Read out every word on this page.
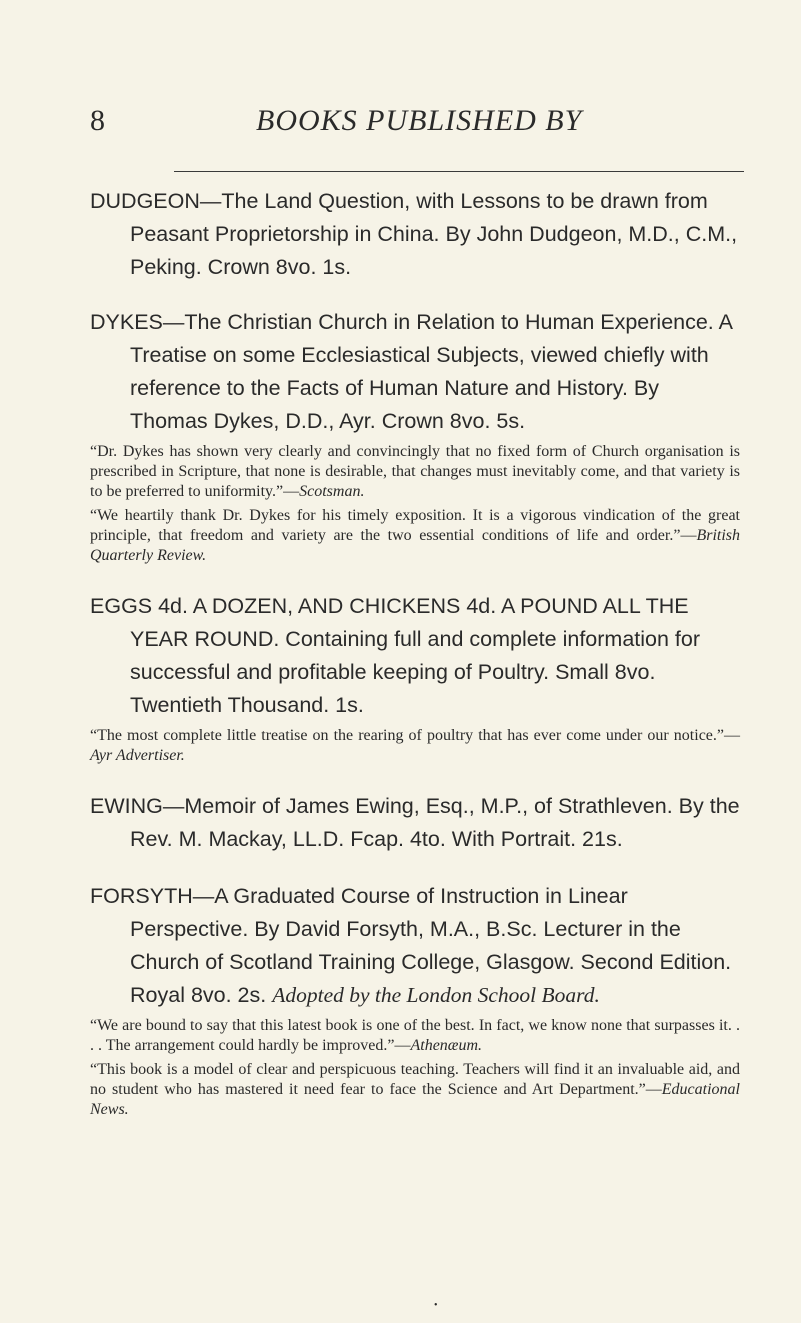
8	BOOKS PUBLISHED BY

DUDGEON—The Land Question, with Lessons to be drawn from Peasant Proprietorship in China. By John Dudgeon, M.D., C.M., Peking. Crown 8vo. 1s.

DYKES—The Christian Church in Relation to Human Experience. A Treatise on some Ecclesiastical Subjects, viewed chiefly with reference to the Facts of Human Nature and History. By Thomas Dykes, D.D., Ayr. Crown 8vo. 5s.

“Dr. Dykes has shown very clearly and convincingly that no fixed form of Church organisation is prescribed in Scripture, that none is desirable, that changes must inevitably come, and that variety is to be preferred to uniformity.”—Scotsman.

“We heartily thank Dr. Dykes for his timely exposition. It is a vigorous vindication of the great principle, that freedom and variety are the two essential conditions of life and order.”—British Quarterly Review.

EGGS 4d. A DOZEN, AND CHICKENS 4d. A POUND ALL THE YEAR ROUND. Containing full and complete information for successful and profitable keeping of Poultry. Small 8vo. Twentieth Thousand. 1s.

“The most complete little treatise on the rearing of poultry that has ever come under our notice.”—Ayr Advertiser.

EWING—Memoir of James Ewing, Esq., M.P., of Strathleven. By the Rev. M. Mackay, LL.D. Fcap. 4to. With Portrait. 21s.

FORSYTH—A Graduated Course of Instruction in Linear Perspective. By David Forsyth, M.A., B.Sc. Lecturer in the Church of Scotland Training College, Glasgow. Second Edition. Royal 8vo. 2s. Adopted by the London School Board.

“We are bound to say that this latest book is one of the best. In fact, we know none that surpasses it. . . . The arrangement could hardly be improved.”—Athenæum.

“This book is a model of clear and perspicuous teaching. Teachers will find it an invaluable aid, and no student who has mastered it need fear to face the Science and Art Department.”—Educational News.

•
